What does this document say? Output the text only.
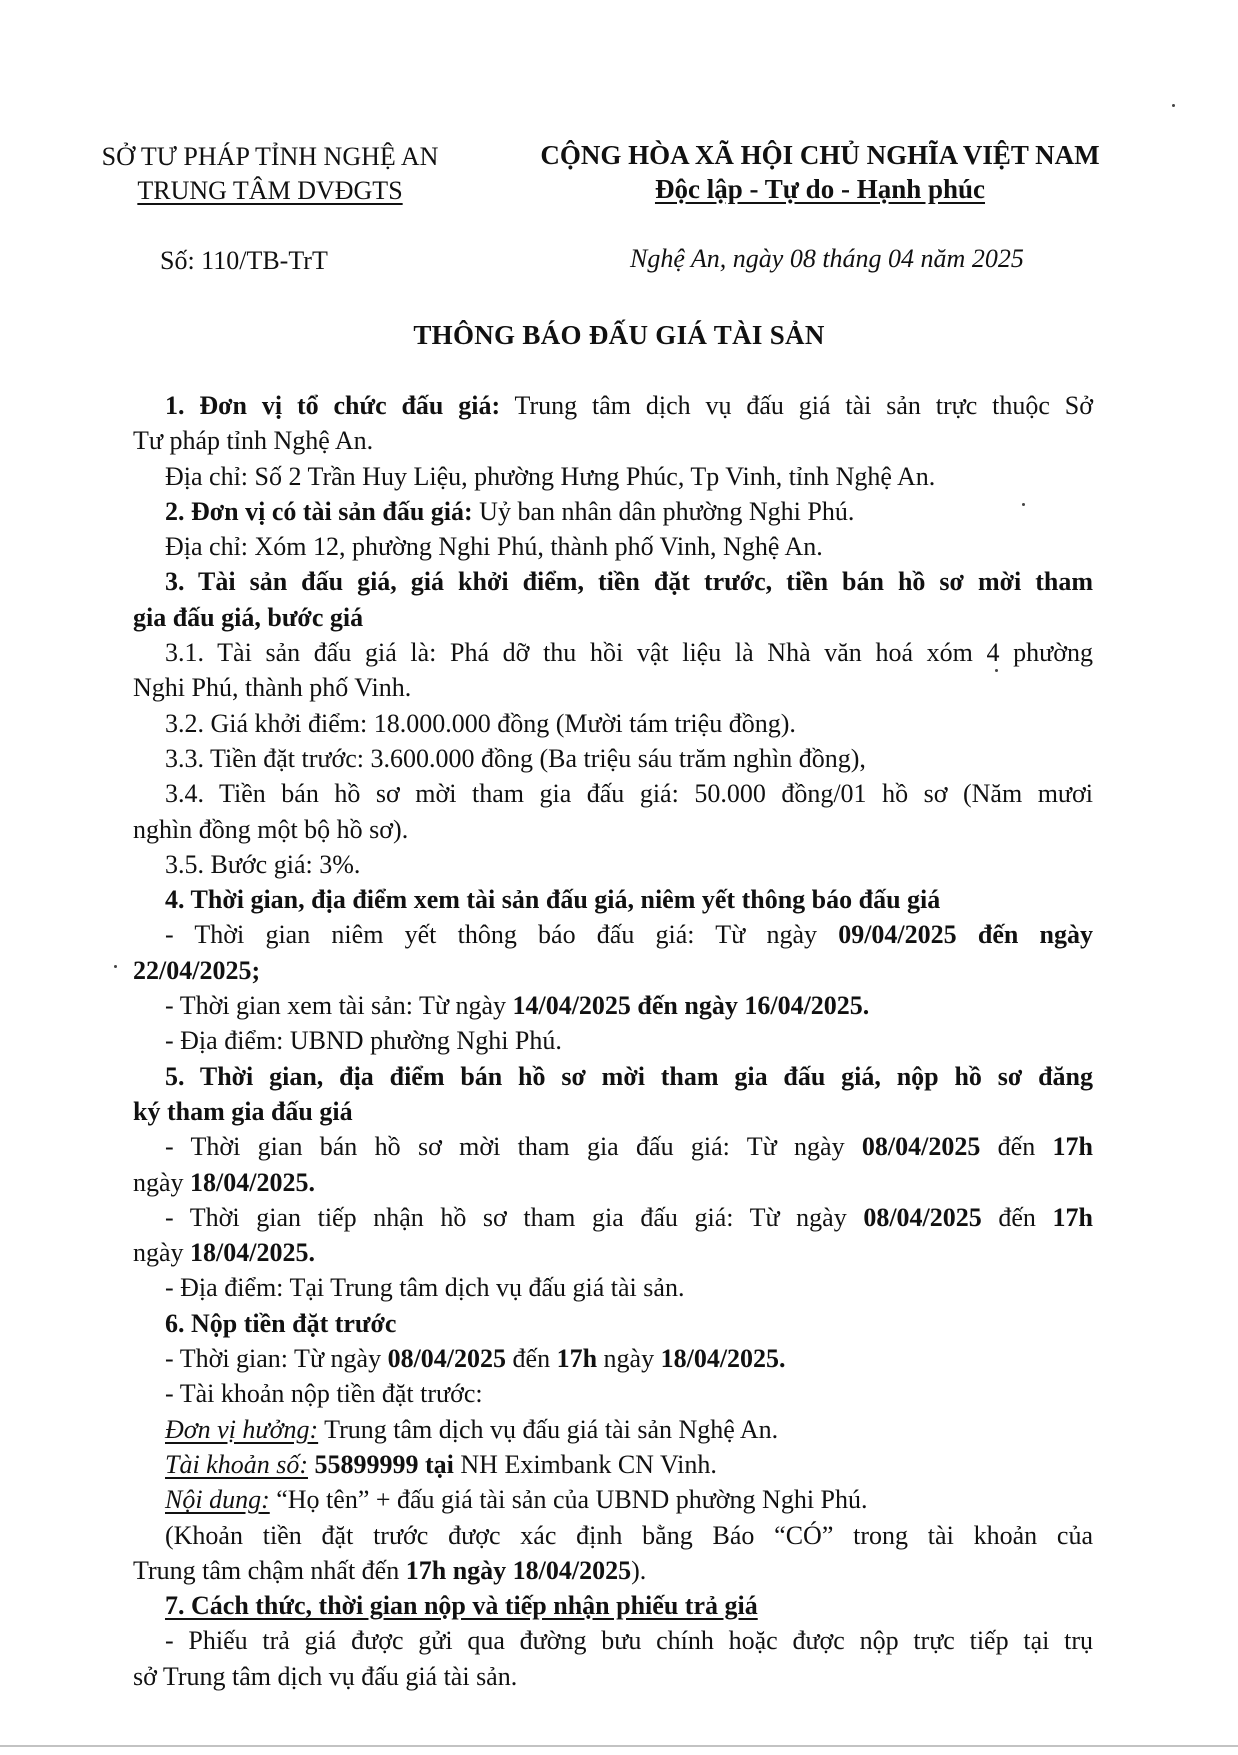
SỞ TƯ PHÁP TỈNH NGHỆ AN
TRUNG TÂM DVĐGTS
CỘNG HÒA XÃ HỘI CHỦ NGHĨA VIỆT NAM
Độc lập - Tự do - Hạnh phúc
Số: 110/TB-TrT	Nghệ An, ngày 08 tháng 04 năm 2025
THÔNG BÁO ĐẤU GIÁ TÀI SẢN

1. Đơn vị tổ chức đấu giá: Trung tâm dịch vụ đấu giá tài sản trực thuộc Sở

Tư pháp tỉnh Nghệ An.

Địa chỉ: Số 2 Trần Huy Liệu, phường Hưng Phúc, Tp Vinh, tỉnh Nghệ An.

2. Đơn vị có tài sản đấu giá: Uỷ ban nhân dân phường Nghi Phú.

Địa chỉ: Xóm 12, phường Nghi Phú, thành phố Vinh, Nghệ An.

3. Tài sản đấu giá, giá khởi điểm, tiền đặt trước, tiền bán hồ sơ mời tham

gia đấu giá, bước giá

3.1. Tài sản đấu giá là: Phá dỡ thu hồi vật liệu là Nhà văn hoá xóm 4 phường

Nghi Phú, thành phố Vinh.

3.2. Giá khởi điểm: 18.000.000 đồng (Mười tám triệu đồng).

3.3. Tiền đặt trước: 3.600.000 đồng (Ba triệu sáu trăm nghìn đồng),

3.4. Tiền bán hồ sơ mời tham gia đấu giá: 50.000 đồng/01 hồ sơ (Năm mươi

nghìn đồng một bộ hồ sơ).

3.5. Bước giá: 3%.

4. Thời gian, địa điểm xem tài sản đấu giá, niêm yết thông báo đấu giá

- Thời gian niêm yết thông báo đấu giá: Từ ngày 09/04/2025 đến ngày

22/04/2025;

- Thời gian xem tài sản: Từ ngày 14/04/2025 đến ngày 16/04/2025.

- Địa điểm: UBND phường Nghi Phú.

5. Thời gian, địa điểm bán hồ sơ mời tham gia đấu giá, nộp hồ sơ đăng

ký tham gia đấu giá

- Thời gian bán hồ sơ mời tham gia đấu giá: Từ ngày 08/04/2025 đến 17h

ngày 18/04/2025.

- Thời gian tiếp nhận hồ sơ tham gia đấu giá: Từ ngày 08/04/2025 đến 17h

ngày 18/04/2025.

- Địa điểm: Tại Trung tâm dịch vụ đấu giá tài sản.

6. Nộp tiền đặt trước

- Thời gian: Từ ngày 08/04/2025 đến 17h ngày 18/04/2025.

- Tài khoản nộp tiền đặt trước:

Đơn vị hưởng: Trung tâm dịch vụ đấu giá tài sản Nghệ An.

Tài khoản số: 55899999 tại NH Eximbank CN Vinh.

Nội dung: “Họ tên” + đấu giá tài sản của UBND phường Nghi Phú.

(Khoản tiền đặt trước được xác định bằng Báo “CÓ” trong tài khoản của

Trung tâm chậm nhất đến 17h ngày 18/04/2025).

7. Cách thức, thời gian nộp và tiếp nhận phiếu trả giá

- Phiếu trả giá được gửi qua đường bưu chính hoặc được nộp trực tiếp tại trụ

sở Trung tâm dịch vụ đấu giá tài sản.
